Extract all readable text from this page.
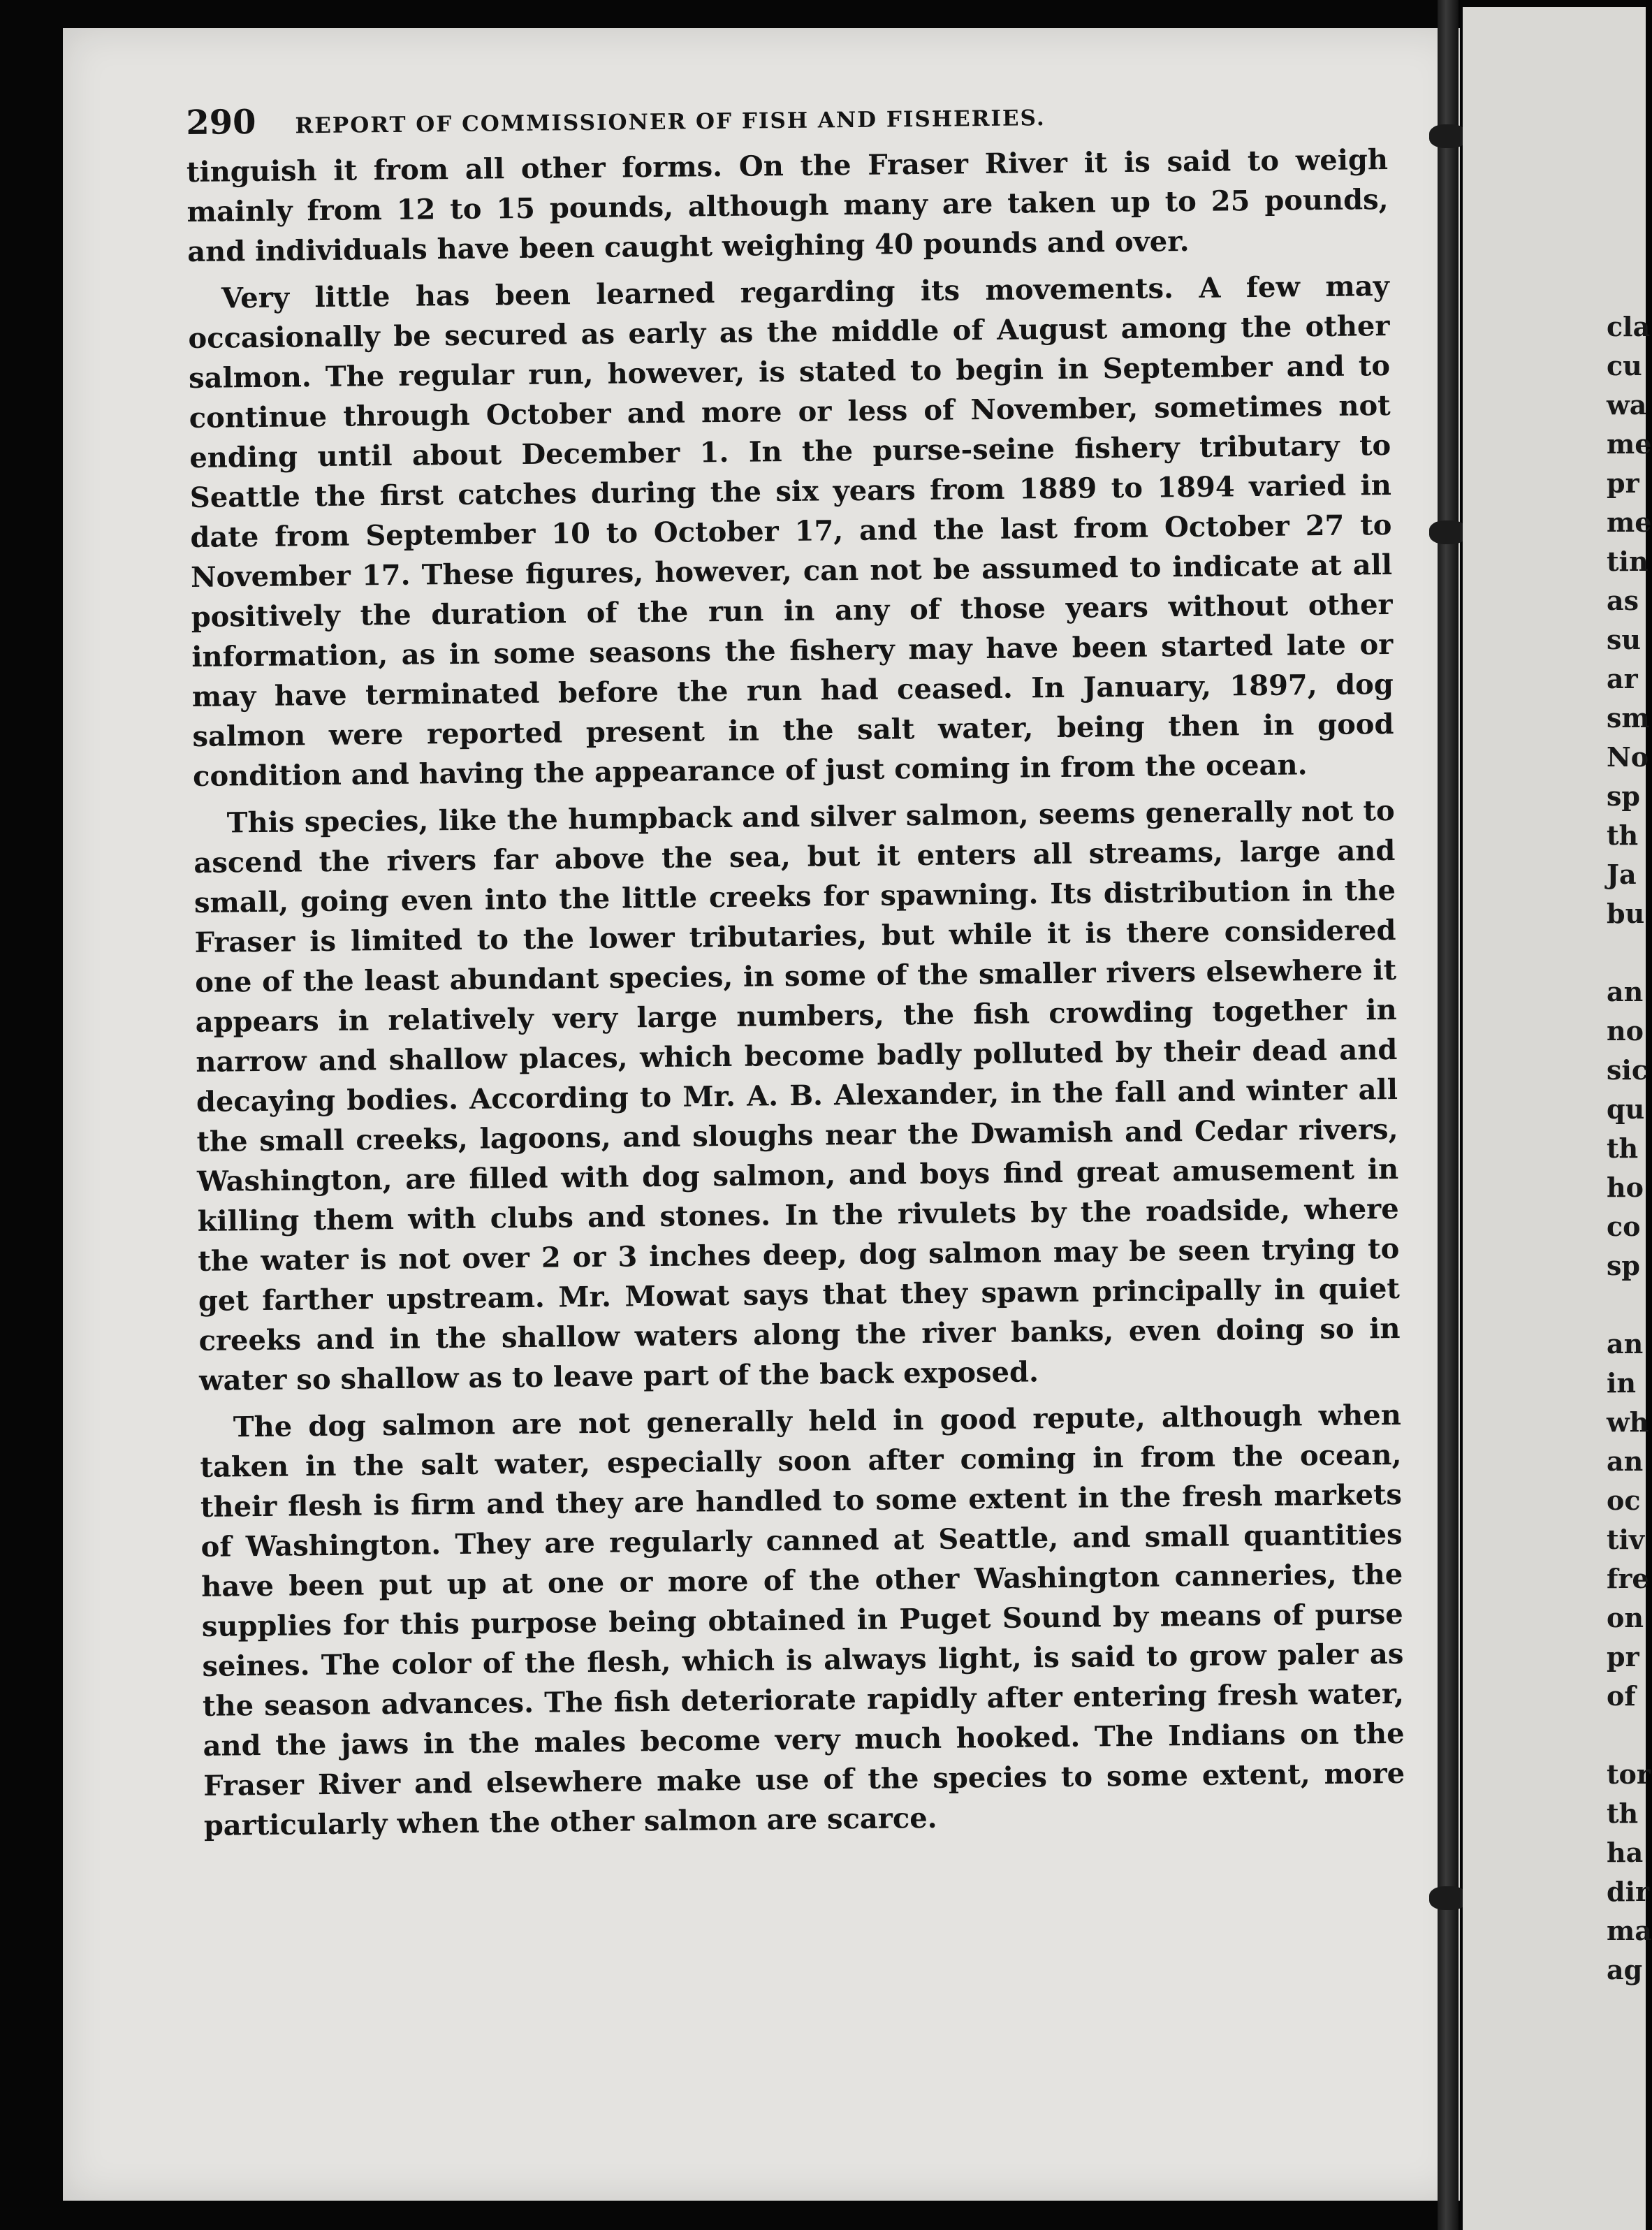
290 REPORT OF COMMISSIONER OF FISH AND FISHERIES.

tinguish it from all other forms. On the Fraser River it is said to weigh mainly from 12 to 15 pounds, although many are taken up to 25 pounds, and individuals have been caught weighing 40 pounds and over.

Very little has been learned regarding its movements. A few may occasionally be secured as early as the middle of August among the other salmon. The regular run, however, is stated to begin in September and to continue through October and more or less of November, sometimes not ending until about December 1. In the purse-seine fishery tributary to Seattle the first catches during the six years from 1889 to 1894 varied in date from September 10 to October 17, and the last from October 27 to November 17. These figures, however, can not be assumed to indicate at all positively the duration of the run in any of those years without other information, as in some seasons the fishery may have been started late or may have terminated before the run had ceased. In January, 1897, dog salmon were reported present in the salt water, being then in good condition and having the appearance of just coming in from the ocean.

This species, like the humpback and silver salmon, seems generally not to ascend the rivers far above the sea, but it enters all streams, large and small, going even into the little creeks for spawning. Its distribution in the Fraser is limited to the lower tributaries, but while it is there considered one of the least abundant species, in some of the smaller rivers elsewhere it appears in relatively very large numbers, the fish crowding together in narrow and shallow places, which become badly polluted by their dead and decaying bodies. According to Mr. A. B. Alexander, in the fall and winter all the small creeks, lagoons, and sloughs near the Dwamish and Cedar rivers, Washington, are filled with dog salmon, and boys find great amusement in killing them with clubs and stones. In the rivulets by the roadside, where the water is not over 2 or 3 inches deep, dog salmon may be seen trying to get farther upstream. Mr. Mowat says that they spawn principally in quiet creeks and in the shallow waters along the river banks, even doing so in water so shallow as to leave part of the back exposed.

The dog salmon are not generally held in good repute, although when taken in the salt water, especially soon after coming in from the ocean, their flesh is firm and they are handled to some extent in the fresh markets of Washington. They are regularly canned at Seattle, and small quantities have been put up at one or more of the other Washington canneries, the supplies for this purpose being obtained in Puget Sound by means of purse seines. The color of the flesh, which is always light, is said to grow paler as the season advances. The fish deteriorate rapidly after entering fresh water, and the jaws in the males become very much hooked. The Indians on the Fraser River and elsewhere make use of the species to some extent, more particularly when the other salmon are scarce.

cla
cu
wa
me
pr
me
tin
as
su
ar
sm
No
sp
th
Ja
bu
an
no
sic
qu
th
ho
co
sp
an
in
wh
an
oc
tiv
fre
on
pr
of
tor
th
ha
dir
ma
ag
